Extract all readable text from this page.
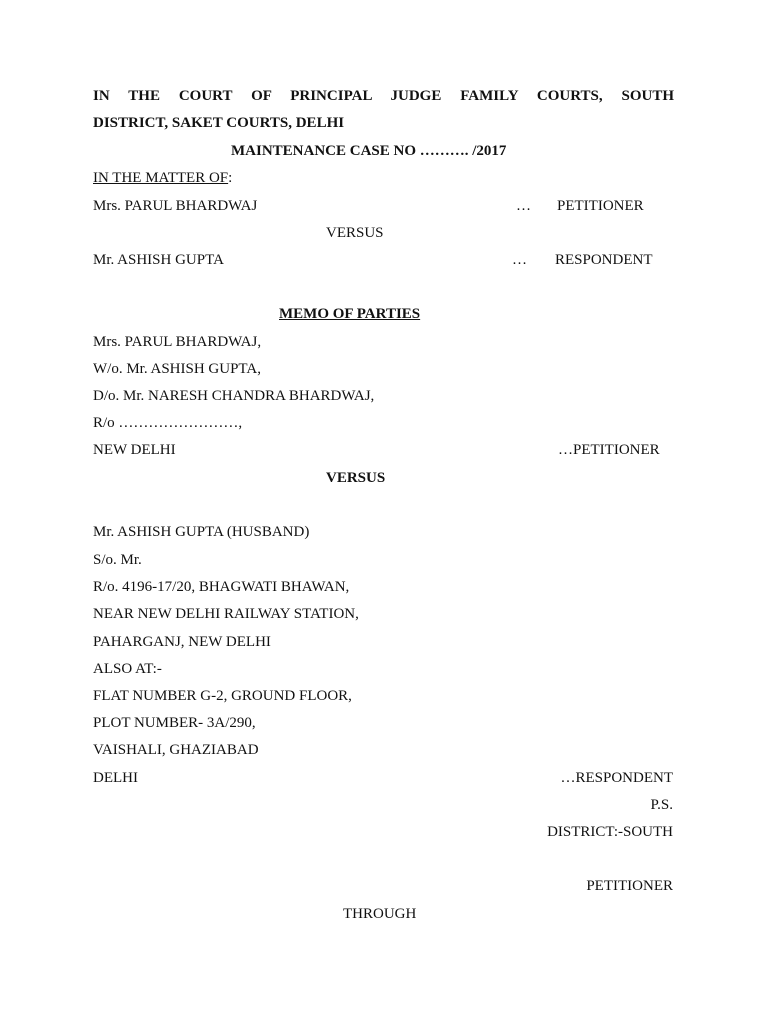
IN THE COURT OF PRINCIPAL JUDGE FAMILY COURTS, SOUTH
DISTRICT, SAKET COURTS, DELHI
MAINTENANCE CASE NO ………. /2017
IN THE MATTER OF:
Mrs. PARUL BHARDWAJ	… PETITIONER
VERSUS
Mr. ASHISH GUPTA	… RESPONDENT
MEMO OF PARTIES
Mrs. PARUL BHARDWAJ,
W/o. Mr. ASHISH GUPTA,
D/o. Mr. NARESH CHANDRA BHARDWAJ,
R/o ……………………,
NEW DELHI	…PETITIONER
VERSUS
Mr. ASHISH GUPTA (HUSBAND)
S/o. Mr.
R/o. 4196-17/20, BHAGWATI BHAWAN,
NEAR NEW DELHI RAILWAY STATION,
PAHARGANJ, NEW DELHI
ALSO AT:-
FLAT NUMBER G-2, GROUND FLOOR,
PLOT NUMBER- 3A/290,
VAISHALI, GHAZIABAD
DELHI	…RESPONDENT
P.S.
DISTRICT:-SOUTH
PETITIONER
THROUGH
